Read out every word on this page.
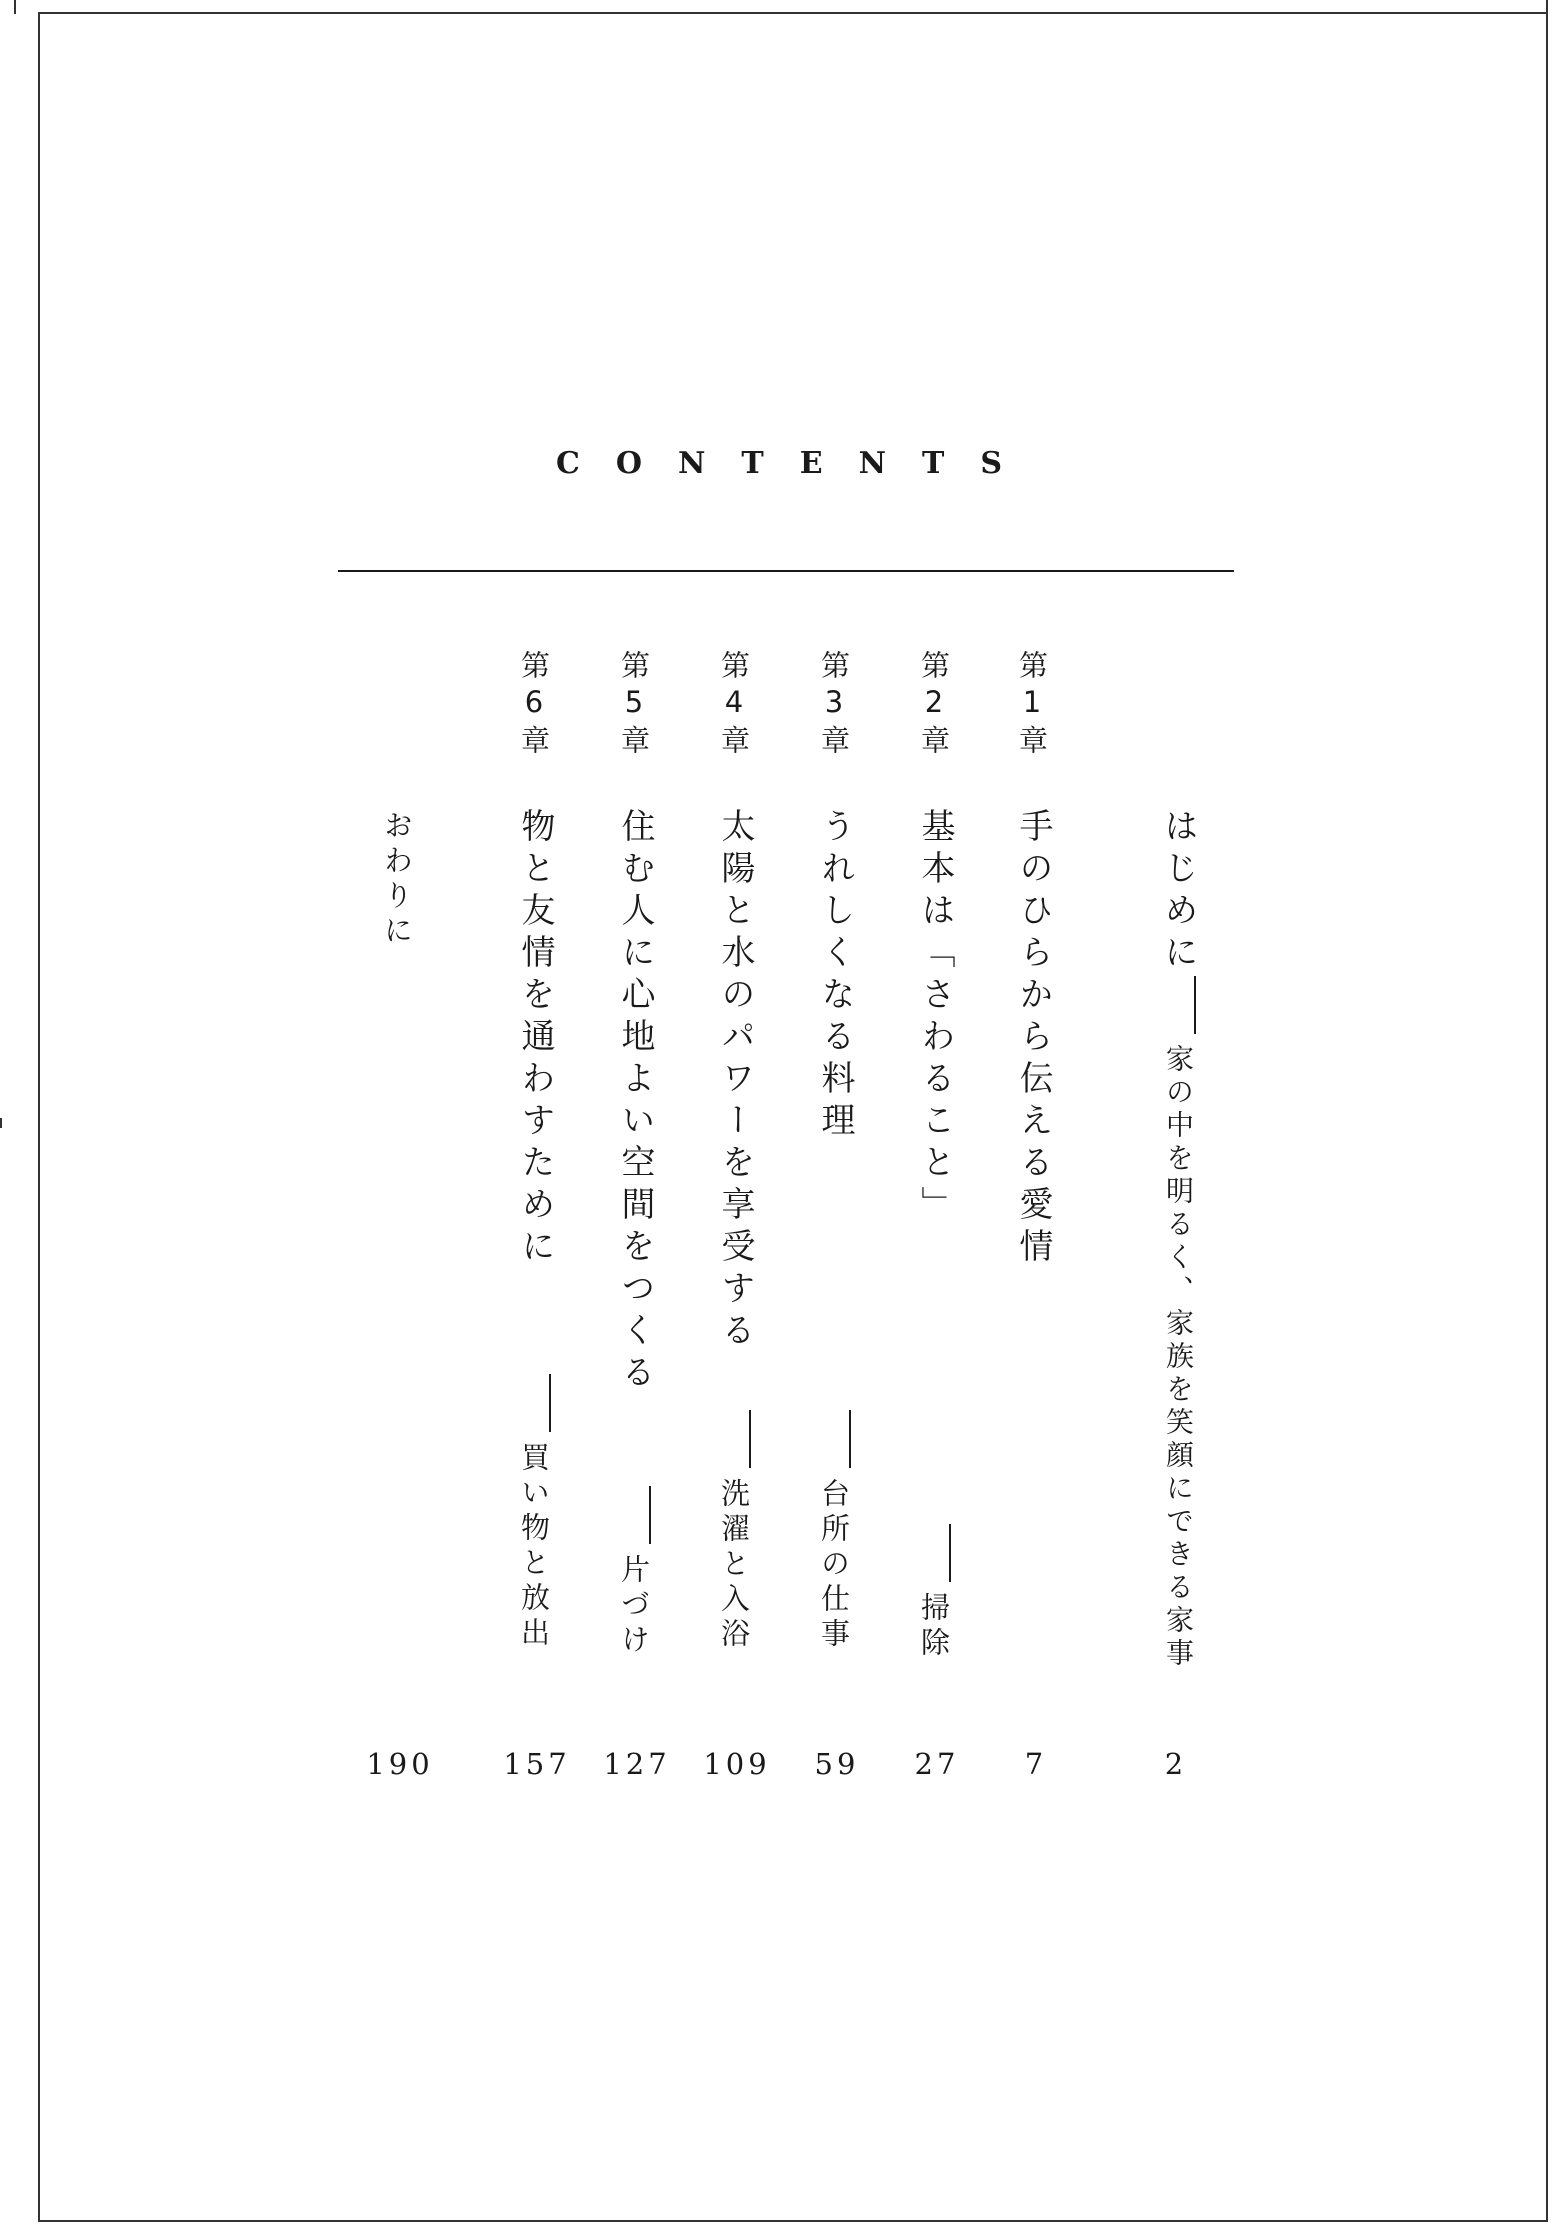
CONTENTS
はじめに家の中を明るく、家族を笑顔にできる家事
第1章
手のひらから伝える愛情
第2章
基本は「さわること」
掃除
第3章
うれしくなる料理
台所の仕事
第4章
太陽と水のパワーを享受する
洗濯と入浴
第5章
住む人に心地よい空間をつくる
片づけ
第6章
物と友情を通わすために
買い物と放出
おわりに
2
7
27
59
109
127
157
190
